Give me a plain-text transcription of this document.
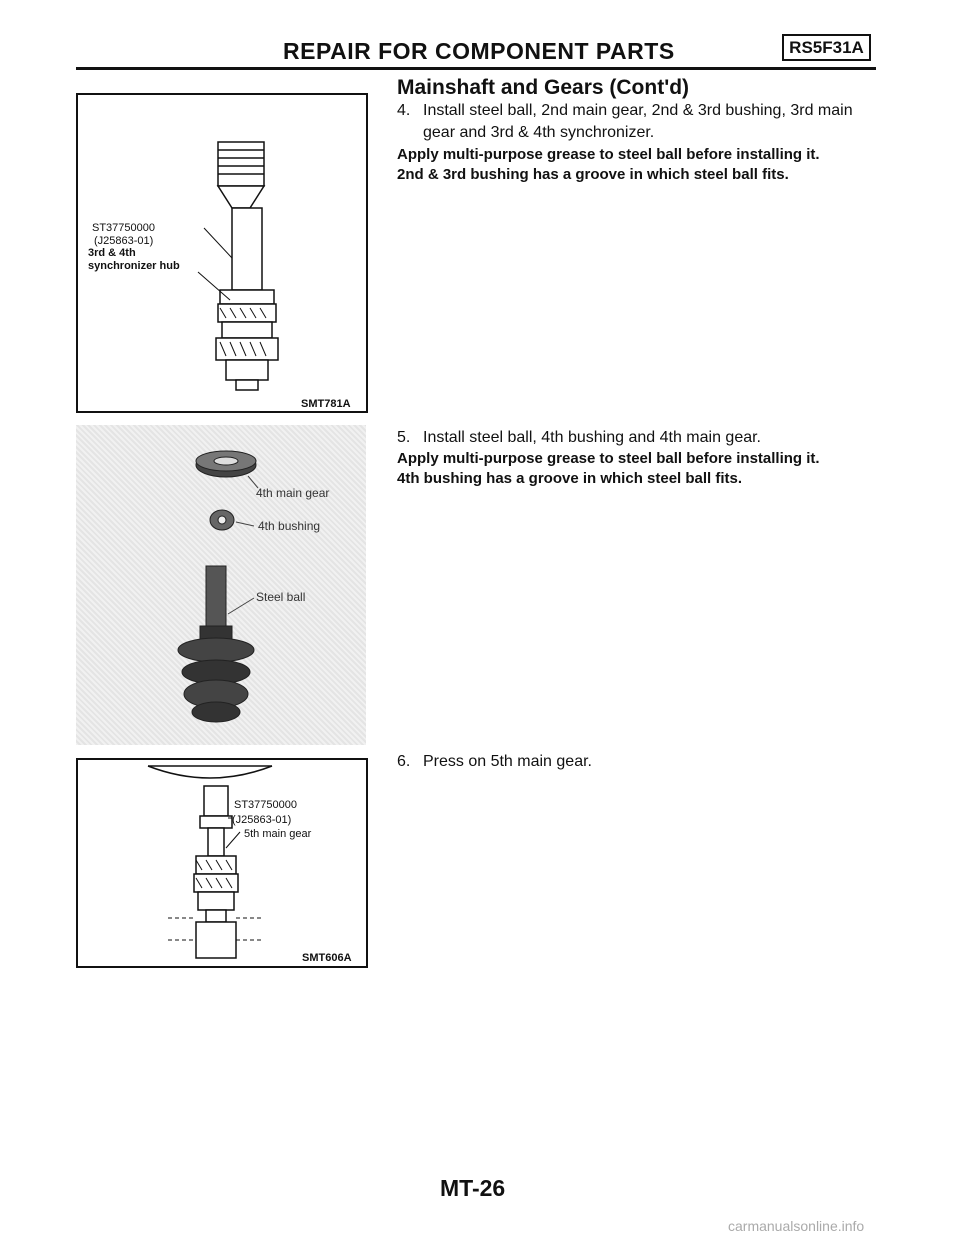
REPAIR FOR COMPONENT PARTS	RS5F31A
Mainshaft and Gears (Cont'd)
4. Install steel ball, 2nd main gear, 2nd & 3rd bushing, 3rd main
gear and 3rd & 4th synchronizer.
Apply multi-purpose grease to steel ball before installing it.
2nd & 3rd bushing has a groove in which steel ball fits.
5. Install steel ball, 4th bushing and 4th main gear.
Apply multi-purpose grease to steel ball before installing it.
4th bushing has a groove in which steel ball fits.
6. Press on 5th main gear.
ST37750000
(J25863-01)
3rd & 4th
synchronizer hub
SMT781A
4th main gear
4th bushing
Steel ball
ST37750000
(J25863-01)
5th main gear
SMT606A
MT-26
carmanualsonline.info
